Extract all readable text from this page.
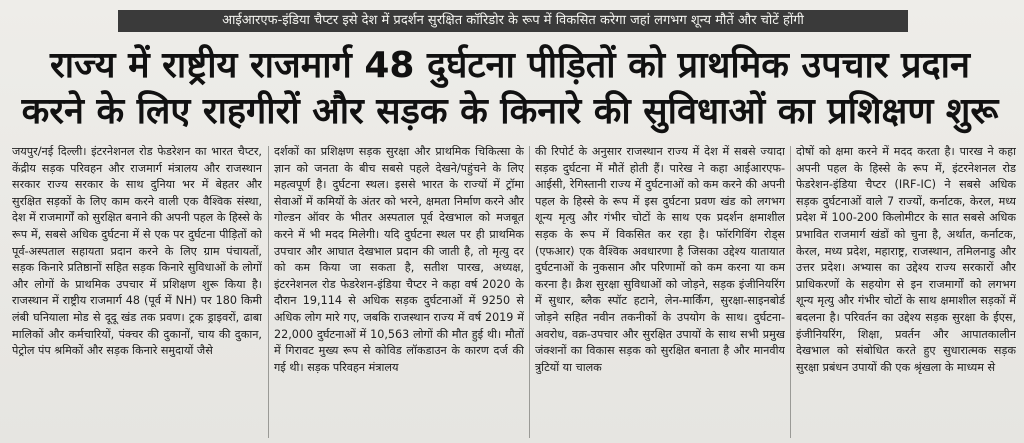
आईआरएफ-इंडिया चैप्टर इसे देश में प्रदर्शन सुरक्षित कॉरिडोर के रूप में विकसित करेगा जहां लगभग शून्य मौतें और चोटें होंगी
राज्य में राष्ट्रीय राजमार्ग 48 दुर्घटना पीड़ितों को प्राथमिक उपचार प्रदान
करने के लिए राहगीरों और सड़क के किनारे की सुविधाओं का प्रशिक्षण शुरू
जयपुर/नई दिल्ली। इंटरनेशनल रोड फेडरेशन का भारत चैप्टर, केंद्रीय सड़क परिवहन और राजमार्ग मंत्रालय और राजस्थान सरकार राज्य सरकार के साथ दुनिया भर में बेहतर और सुरक्षित सड़कों के लिए काम करने वाली एक वैश्विक संस्था, देश में राजमार्गों को सुरक्षित बनाने की अपनी पहल के हिस्से के रूप में, सबसे अधिक दुर्घटना में से एक पर दुर्घटना पीड़ितों को पूर्व-अस्पताल सहायता प्रदान करने के लिए ग्राम पंचायतों, सड़क किनारे प्रतिष्ठानों सहित सड़क किनारे सुविधाओं के लोगों और लोगों के प्राथमिक उपचार में प्रशिक्षण शुरू किया है। राजस्थान में राष्ट्रीय राजमार्ग 48 (पूर्व में NH) पर 180 किमी लंबी घनियाला मोड से दूदू खंड तक प्रवण। ट्रक ड्राइवरों, ढाबा मालिकों और कर्मचारियों, पंक्चर की दुकानों, चाय की दुकान, पेट्रोल पंप श्रमिकों और सड़क किनारे समुदायों जैसे
दर्शकों का प्रशिक्षण सड़क सुरक्षा और प्राथमिक चिकित्सा के ज्ञान को जनता के बीच सबसे पहले देखने/पहुंचने के लिए महत्वपूर्ण है। दुर्घटना स्थल। इससे भारत के राज्यों में ट्रॉमा सेवाओं में कमियों के अंतर को भरने, क्षमता निर्माण करने और गोल्डन ऑवर के भीतर अस्पताल पूर्व देखभाल को मजबूत करने में भी मदद मिलेगी। यदि दुर्घटना स्थल पर ही प्राथमिक उपचार और आघात देखभाल प्रदान की जाती है, तो मृत्यु दर को कम किया जा सकता है, सतीश पारख, अध्यक्ष, इंटरनेशनल रोड फेडरेशन-इंडिया चैप्टर ने कहा वर्ष 2020 के दौरान 19,114 से अधिक सड़क दुर्घटनाओं में 9250 से अधिक लोग मारे गए, जबकि राजस्थान राज्य में वर्ष 2019 में 22,000 दुर्घटनाओं में 10,563 लोगों की मौत हुई थी। मौतों में गिरावट मुख्य रूप से कोविड लॉकडाउन के कारण दर्ज की गई थी। सड़क परिवहन मंत्रालय
की रिपोर्ट के अनुसार राजस्थान राज्य में देश में सबसे ज्यादा सड़क दुर्घटना में मौतें होती हैं। पारेख ने कहा आईआरएफ-आईसी, रेगिस्तानी राज्य में दुर्घटनाओं को कम करने की अपनी पहल के हिस्से के रूप में इस दुर्घटना प्रवण खंड को लगभग शून्य मृत्यु और गंभीर चोटों के साथ एक प्रदर्शन क्षमाशील सड़क के रूप में विकसित कर रहा है। फॉरगिविंग रोड्स (एफआर) एक वैश्विक अवधारणा है जिसका उद्देश्य यातायात दुर्घटनाओं के नुकसान और परिणामों को कम करना या कम करना है। क्रैश सुरक्षा सुविधाओं को जोड़ने, सड़क इंजीनियरिंग में सुधार, ब्लैक स्पॉट हटाने, लेन-मार्किंग, सुरक्षा-साइनबोर्ड जोड़ने सहित नवीन तकनीकों के उपयोग के साथ। दुर्घटना-अवरोध, वक्र-उपचार और सुरक्षित उपायों के साथ सभी प्रमुख जंक्शनों का विकास सड़क को सुरक्षित बनाता है और मानवीय त्रुटियों या चालक
दोषों को क्षमा करने में मदद करता है। पारख ने कहा अपनी पहल के हिस्से के रूप में, इंटरनेशनल रोड फेडरेशन-इंडिया चैप्टर (IRF-IC) ने सबसे अधिक सड़क दुर्घटनाओं वाले 7 राज्यों, कर्नाटक, केरल, मध्य प्रदेश में 100-200 किलोमीटर के सात सबसे अधिक प्रभावित राजमार्ग खंडों को चुना है, अर्थात, कर्नाटक, केरल, मध्य प्रदेश, महाराष्ट्र, राजस्थान, तमिलनाडु और उत्तर प्रदेश। अभ्यास का उद्देश्य राज्य सरकारों और प्राधिकरणों के सहयोग से इन राजमार्गों को लगभग शून्य मृत्यु और गंभीर चोटों के साथ क्षमाशील सड़कों में बदलना है। परिवर्तन का उद्देश्य सड़क सुरक्षा के ईएस, इंजीनियरिंग, शिक्षा, प्रवर्तन और आपातकालीन देखभाल को संबोधित करते हुए सुधारात्मक सड़क सुरक्षा प्रबंधन उपायों की एक श्रृंखला के माध्यम से
